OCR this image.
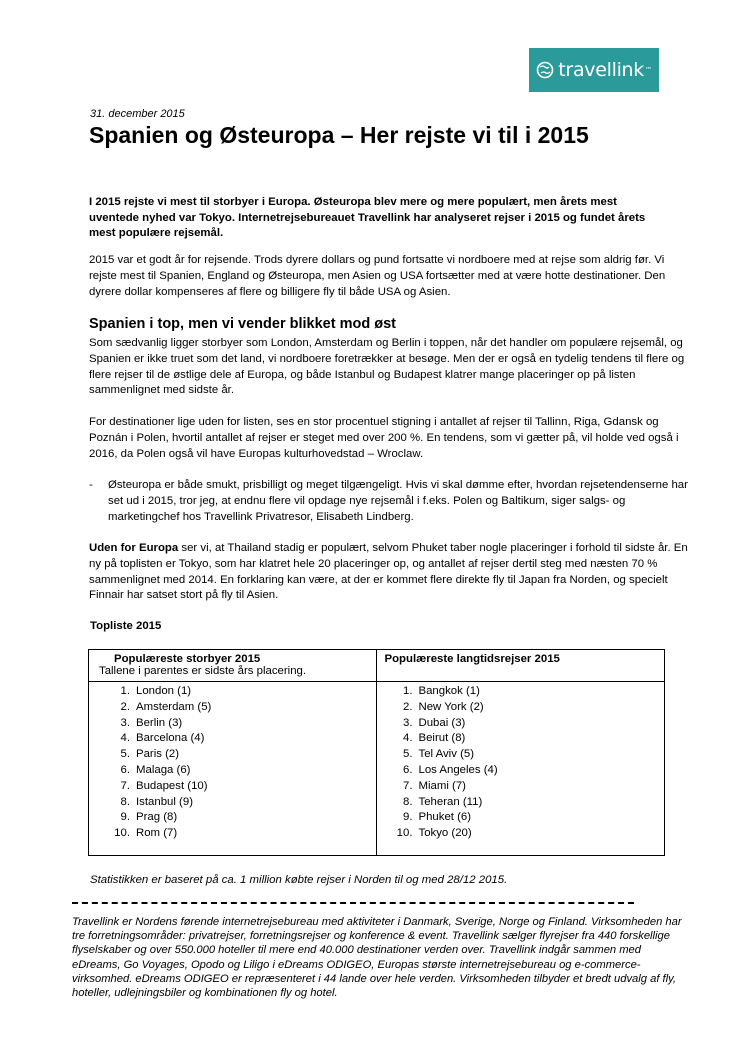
travellink ™
31. december 2015
Spanien og Østeuropa – Her rejste vi til i 2015

I 2015 rejste vi mest til storbyer i Europa. Østeuropa blev mere og mere populært, men årets mest uventede nyhed var Tokyo. Internetrejsebureauet Travellink har analyseret rejser i 2015 og fundet årets mest populære rejsemål.

2015 var et godt år for rejsende. Trods dyrere dollars og pund fortsatte vi nordboere med at rejse som aldrig før. Vi rejste mest til Spanien, England og Østeuropa, men Asien og USA fortsætter med at være hotte destinationer. Den dyrere dollar kompenseres af flere og billigere fly til både USA og Asien.

Spanien i top, men vi vender blikket mod øst

Som sædvanlig ligger storbyer som London, Amsterdam og Berlin i toppen, når det handler om populære rejsemål, og Spanien er ikke truet som det land, vi nordboere foretrækker at besøge. Men der er også en tydelig tendens til flere og flere rejser til de østlige dele af Europa, og både Istanbul og Budapest klatrer mange placeringer op på listen sammenlignet med sidste år.

For destinationer lige uden for listen, ses en stor procentuel stigning i antallet af rejser til Tallinn, Riga, Gdansk og Poznán i Polen, hvortil antallet af rejser er steget med over 200 %. En tendens, som vi gætter på, vil holde ved også i 2016, da Polen også vil have Europas kulturhovedstad – Wroclaw.

-	Østeuropa er både smukt, prisbilligt og meget tilgængeligt. Hvis vi skal dømme efter, hvordan rejsetendenserne har set ud i 2015, tror jeg, at endnu flere vil opdage nye rejsemål i f.eks. Polen og Baltikum, siger salgs- og marketingchef hos Travellink Privatresor, Elisabeth Lindberg.

Uden for Europa ser vi, at Thailand stadig er populært, selvom Phuket taber nogle placeringer i forhold til sidste år. En ny på toplisten er Tokyo, som har klatret hele 20 placeringer op, og antallet af rejser dertil steg med næsten 70 % sammenlignet med 2014. En forklaring kan være, at der er kommet flere direkte fly til Japan fra Norden, og specielt Finnair har satset stort på fly til Asien.

Topliste 2015
Populæreste storbyer 2015
Tallene i parentes er sidste års placering.
1. London (1)
2. Amsterdam (5)
3. Berlin (3)
4. Barcelona (4)
5. Paris (2)
6. Malaga (6)
7. Budapest (10)
8. Istanbul (9)
9. Prag (8)
10. Rom (7)
Populæreste langtidsrejser 2015
1. Bangkok (1)
2. New York (2)
3. Dubai (3)
4. Beirut (8)
5. Tel Aviv (5)
6. Los Angeles (4)
7. Miami (7)
8. Teheran (11)
9. Phuket (6)
10. Tokyo (20)
Statistikken er baseret på ca. 1 million købte rejser i Norden til og med 28/12 2015.

Travellink er Nordens førende internetrejsebureau med aktiviteter i Danmark, Sverige, Norge og Finland. Virksomheden har tre forretningsområder: privatrejser, forretningsrejser og konference & event. Travellink sælger flyrejser fra 440 forskellige flyselskaber og over 550.000 hoteller til mere end 40.000 destinationer verden over. Travellink indgår sammen med eDreams, Go Voyages, Opodo og Liligo i eDreams ODIGEO, Europas største internetrejsebureau og e-commerce-virksomhed. eDreams ODIGEO er repræsenteret i 44 lande over hele verden. Virksomheden tilbyder et bredt udvalg af fly, hoteller, udlejningsbiler og kombinationen fly og hotel.
